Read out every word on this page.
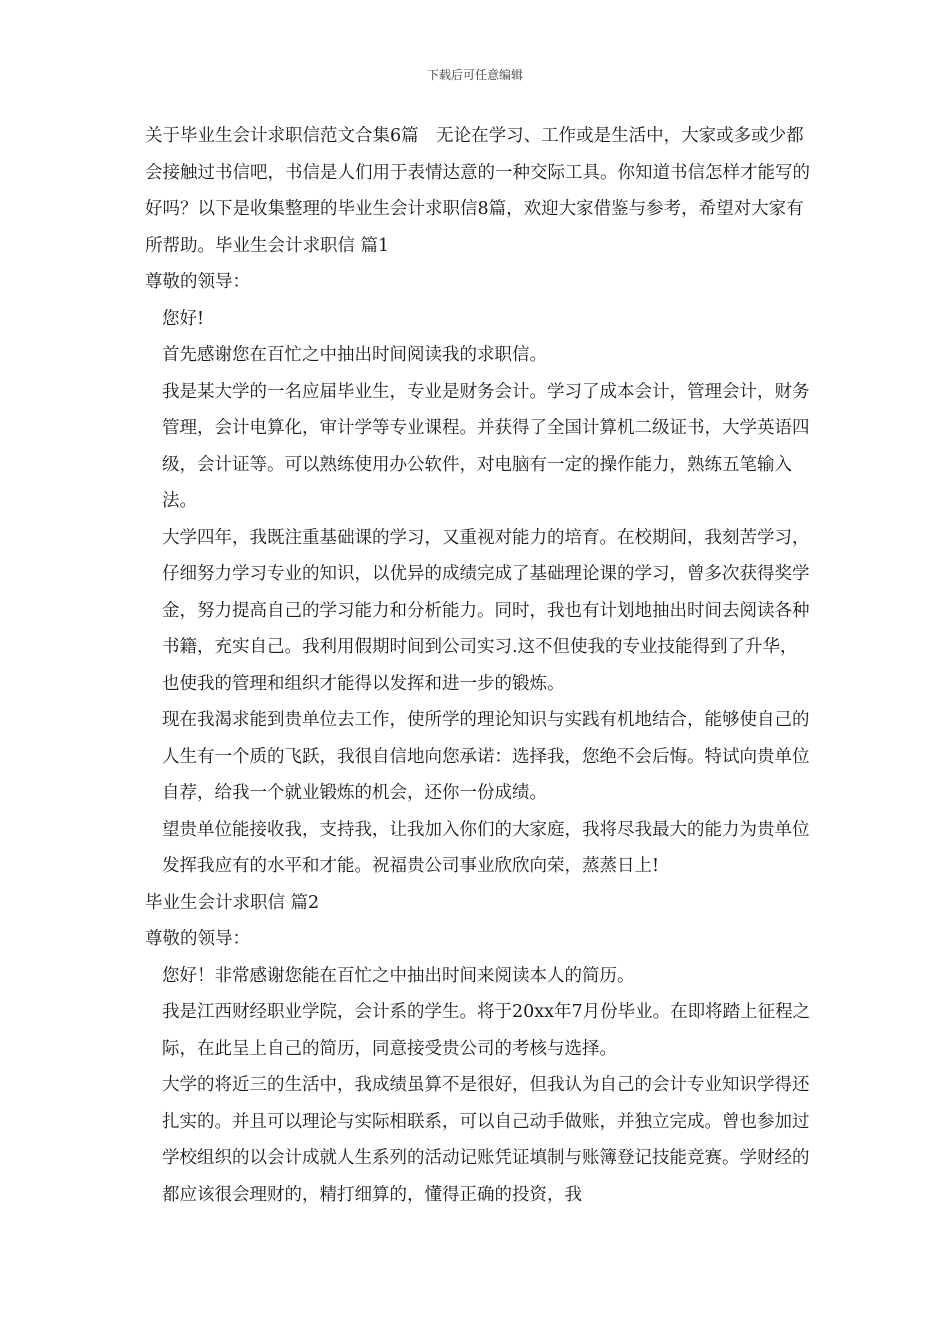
下载后可任意编辑

关于毕业生会计求职信范文合集6篇　无论在学习、工作或是生活中，大家或多或少都会接触过书信吧，书信是人们用于表情达意的一种交际工具。你知道书信怎样才能写的好吗？以下是收集整理的毕业生会计求职信8篇，欢迎大家借鉴与参考，希望对大家有所帮助。毕业生会计求职信 篇1

尊敬的领导：

您好!

首先感谢您在百忙之中抽出时间阅读我的求职信。

我是某大学的一名应届毕业生，专业是财务会计。学习了成本会计，管理会计，财务管理，会计电算化，审计学等专业课程。并获得了全国计算机二级证书，大学英语四级，会计证等。可以熟练使用办公软件，对电脑有一定的操作能力，熟练五笔输入法。

大学四年，我既注重基础课的学习，又重视对能力的培育。在校期间，我刻苦学习，仔细努力学习专业的知识，以优异的成绩完成了基础理论课的学习，曾多次获得奖学金，努力提高自己的学习能力和分析能力。同时，我也有计划地抽出时间去阅读各种书籍，充实自己。我利用假期时间到公司实习.这不但使我的专业技能得到了升华，也使我的管理和组织才能得以发挥和进一步的锻炼。

现在我渴求能到贵单位去工作，使所学的理论知识与实践有机地结合，能够使自己的人生有一个质的飞跃，我很自信地向您承诺：选择我，您绝不会后悔。特试向贵单位自荐，给我一个就业锻炼的机会，还你一份成绩。

望贵单位能接收我，支持我，让我加入你们的大家庭，我将尽我最大的能力为贵单位发挥我应有的水平和才能。祝福贵公司事业欣欣向荣，蒸蒸日上!

毕业生会计求职信 篇2

尊敬的领导：

您好！非常感谢您能在百忙之中抽出时间来阅读本人的简历。

我是江西财经职业学院，会计系的学生。将于20xx年7月份毕业。在即将踏上征程之际，在此呈上自己的简历，同意接受贵公司的考核与选择。

大学的将近三的生活中，我成绩虽算不是很好，但我认为自己的会计专业知识学得还扎实的。并且可以理论与实际相联系，可以自己动手做账，并独立完成。曾也参加过学校组织的以会计成就人生系列的活动记账凭证填制与账簿登记技能竞赛。学财经的都应该很会理财的，精打细算的，懂得正确的投资，我
